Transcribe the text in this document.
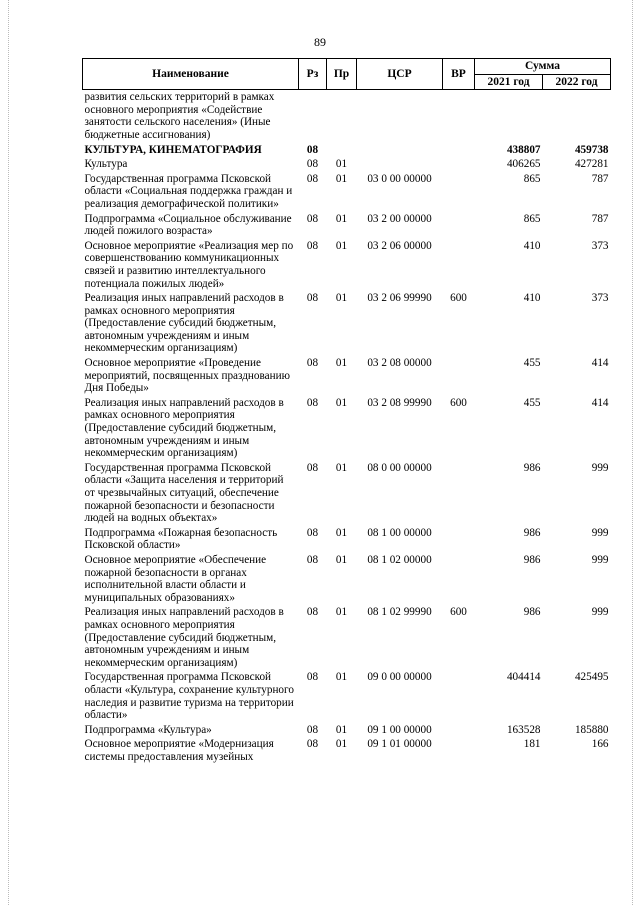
89
Наименование	Рз	Пр	ЦСР	ВР	Сумма	
					2021 год	2022 год
развития сельских территорий в рамках основного мероприятия «Содействие занятости сельского населения» (Иные бюджетные ассигнования)						
КУЛЬТУРА, КИНЕМАТОГРАФИЯ	08				438807	459738
Культура	08	01			406265	427281
Государственная программа Псковской области «Социальная поддержка граждан и реализация демографической политики»	08	01	03 0 00 00000		865	787
Подпрограмма «Социальное обслуживание людей пожилого возраста»	08	01	03 2 00 00000		865	787
Основное мероприятие «Реализация мер по совершенствованию коммуникационных связей и развитию интеллектуального потенциала пожилых людей»	08	01	03 2 06 00000		410	373
Реализация иных направлений расходов в рамках основного мероприятия (Предоставление субсидий бюджетным, автономным учреждениям и иным некоммерческим организациям)	08	01	03 2 06 99990	600	410	373
Основное мероприятие «Проведение мероприятий, посвященных празднованию Дня Победы»	08	01	03 2 08 00000		455	414
Реализация иных направлений расходов в рамках основного мероприятия (Предоставление субсидий бюджетным, автономным учреждениям и иным некоммерческим организациям)	08	01	03 2 08 99990	600	455	414
Государственная программа Псковской области «Защита населения и территорий от чрезвычайных ситуаций, обеспечение пожарной безопасности и безопасности людей на водных объектах»	08	01	08 0 00 00000		986	999
Подпрограмма «Пожарная безопасность Псковской области»	08	01	08 1 00 00000		986	999
Основное мероприятие «Обеспечение пожарной безопасности в органах исполнительной власти области и муниципальных образованиях»	08	01	08 1 02 00000		986	999
Реализация иных направлений расходов в рамках основного мероприятия (Предоставление субсидий бюджетным, автономным учреждениям и иным некоммерческим организациям)	08	01	08 1 02 99990	600	986	999
Государственная программа Псковской области «Культура, сохранение культурного наследия и развитие туризма на территории области»	08	01	09 0 00 00000		404414	425495
Подпрограмма «Культура»	08	01	09 1 00 00000		163528	185880
Основное мероприятие «Модернизация системы предоставления музейных	08	01	09 1 01 00000		181	166
